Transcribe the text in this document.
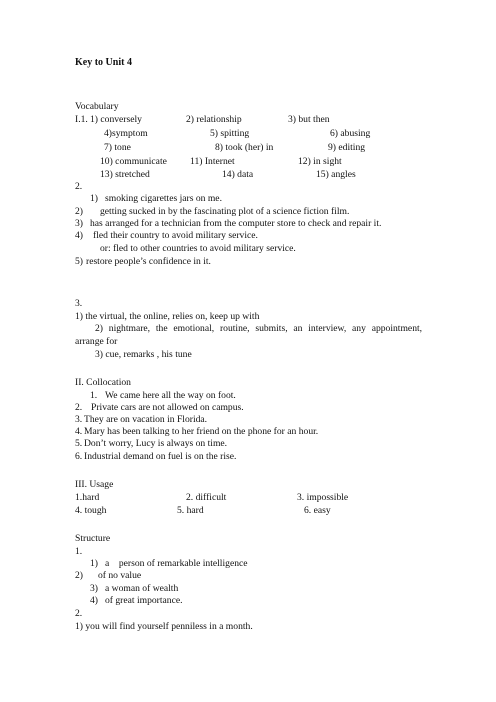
Key to Unit 4
Vocabulary
I.1. 1) conversely	2) relationship	3) but then
4)symptom	5) spitting	6) abusing
7) tone	8) took (her) in	9) editing
10) communicate 11) Internet	12) in sight
13) stretched	14) data	15) angles
2.
1) smoking cigarettes jars on me.
2) getting sucked in by the fascinating plot of a science fiction film.
3) has arranged for a technician from the computer store to check and repair it.
4) fled their country to avoid military service.
or: fled to other countries to avoid military service.
5) restore people’s confidence in it.
3.
1) the virtual, the online, relies on, keep up with
2) nightmare, the emotional, routine, submits, an interview, any appointment,
arrange for
3) cue, remarks , his tune
II. Collocation
1. We came here all the way on foot.
2. Private cars are not allowed on campus.
3. They are on vacation in Florida.
4. Mary has been talking to her friend on the phone for an hour.
5. Don’t worry, Lucy is always on time.
6. Industrial demand on fuel is on the rise.
III. Usage
1.hard	2. difficult	3. impossible
4. tough	5. hard	6. easy
Structure
1.
1) a    person of remarkable intelligence
2) of no value
3) a woman of wealth
4) of great importance.
2.
1) you will find yourself penniless in a month.
